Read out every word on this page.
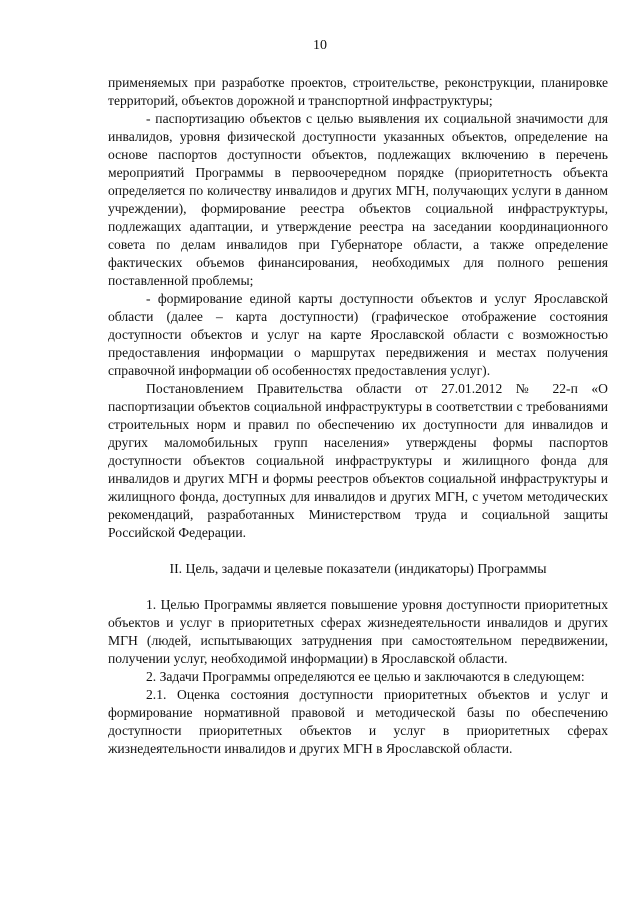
10

применяемых при разработке проектов, строительстве, реконструкции, планировке территорий, объектов дорожной и транспортной инфраструктуры;

- паспортизацию объектов с целью выявления их социальной значимости для инвалидов, уровня физической доступности указанных объектов, определение на основе паспортов доступности объектов, подлежащих включению в перечень мероприятий Программы в первоочередном порядке (приоритетность объекта определяется по количеству инвалидов и других МГН, получающих услуги в данном учреждении), формирование реестра объектов социальной инфраструктуры, подлежащих адаптации, и утверждение реестра на заседании координационного совета по делам инвалидов при Губернаторе области, а также определение фактических объемов финансирования, необходимых для полного решения поставленной проблемы;

- формирование единой карты доступности объектов и услуг Ярославской области (далее – карта доступности) (графическое отображение состояния доступности объектов и услуг на карте Ярославской области с возможностью предоставления информации о маршрутах передвижения и местах получения справочной информации об особенностях предоставления услуг).

Постановлением Правительства области от 27.01.2012 № 22-п «О паспортизации объектов социальной инфраструктуры в соответствии с требованиями строительных норм и правил по обеспечению их доступности для инвалидов и других маломобильных групп населения» утверждены формы паспортов доступности объектов социальной инфраструктуры и жилищного фонда для инвалидов и других МГН и формы реестров объектов социальной инфраструктуры и жилищного фонда, доступных для инвалидов и других МГН, с учетом методических рекомендаций, разработанных Министерством труда и социальной защиты Российской Федерации.

II. Цель, задачи и целевые показатели (индикаторы) Программы

1. Целью Программы является повышение уровня доступности приоритетных объектов и услуг в приоритетных сферах жизнедеятельности инвалидов и других МГН (людей, испытывающих затруднения при самостоятельном передвижении, получении услуг, необходимой информации) в Ярославской области.

2. Задачи Программы определяются ее целью и заключаются в следующем:

2.1. Оценка состояния доступности приоритетных объектов и услуг и формирование нормативной правовой и методической базы по обеспечению доступности приоритетных объектов и услуг в приоритетных сферах жизнедеятельности инвалидов и других МГН в Ярославской области.
